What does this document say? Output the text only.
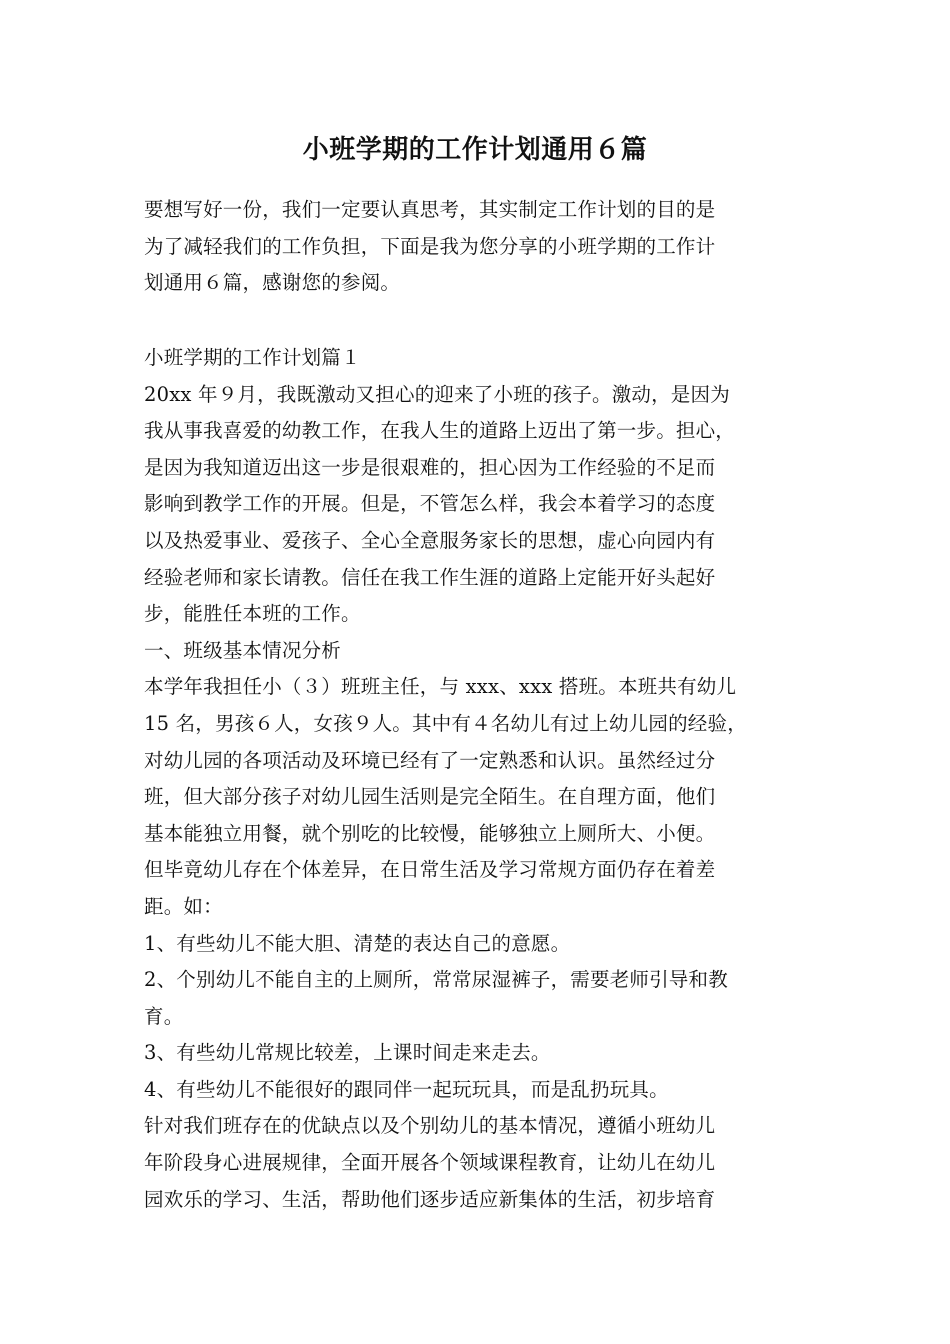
小班学期的工作计划通用６篇
要想写好一份，我们一定要认真思考，其实制定工作计划的目的是
为了减轻我们的工作负担，下面是我为您分享的小班学期的工作计
划通用６篇，感谢您的参阅。
小班学期的工作计划篇１
20xx 年９月，我既激动又担心的迎来了小班的孩子。激动，是因为
我从事我喜爱的幼教工作，在我人生的道路上迈出了第一步。担心，
是因为我知道迈出这一步是很艰难的，担心因为工作经验的不足而
影响到教学工作的开展。但是，不管怎么样，我会本着学习的态度
以及热爱事业、爱孩子、全心全意服务家长的思想，虚心向园内有
经验老师和家长请教。信任在我工作生涯的道路上定能开好头起好
步，能胜任本班的工作。
一、班级基本情况分析
本学年我担任小（３）班班主任，与 xxx、xxx 搭班。本班共有幼儿
15 名，男孩６人，女孩９人。其中有４名幼儿有过上幼儿园的经验，
对幼儿园的各项活动及环境已经有了一定熟悉和认识。虽然经过分
班，但大部分孩子对幼儿园生活则是完全陌生。在自理方面，他们
基本能独立用餐，就个别吃的比较慢，能够独立上厕所大、小便。
但毕竟幼儿存在个体差异，在日常生活及学习常规方面仍存在着差
距。如：
1、有些幼儿不能大胆、清楚的表达自己的意愿。
2、个别幼儿不能自主的上厕所，常常尿湿裤子，需要老师引导和教
育。
3、有些幼儿常规比较差，上课时间走来走去。
4、有些幼儿不能很好的跟同伴一起玩玩具，而是乱扔玩具。
针对我们班存在的优缺点以及个别幼儿的基本情况，遵循小班幼儿
年阶段身心进展规律，全面开展各个领域课程教育，让幼儿在幼儿
园欢乐的学习、生活，帮助他们逐步适应新集体的生活，初步培育
